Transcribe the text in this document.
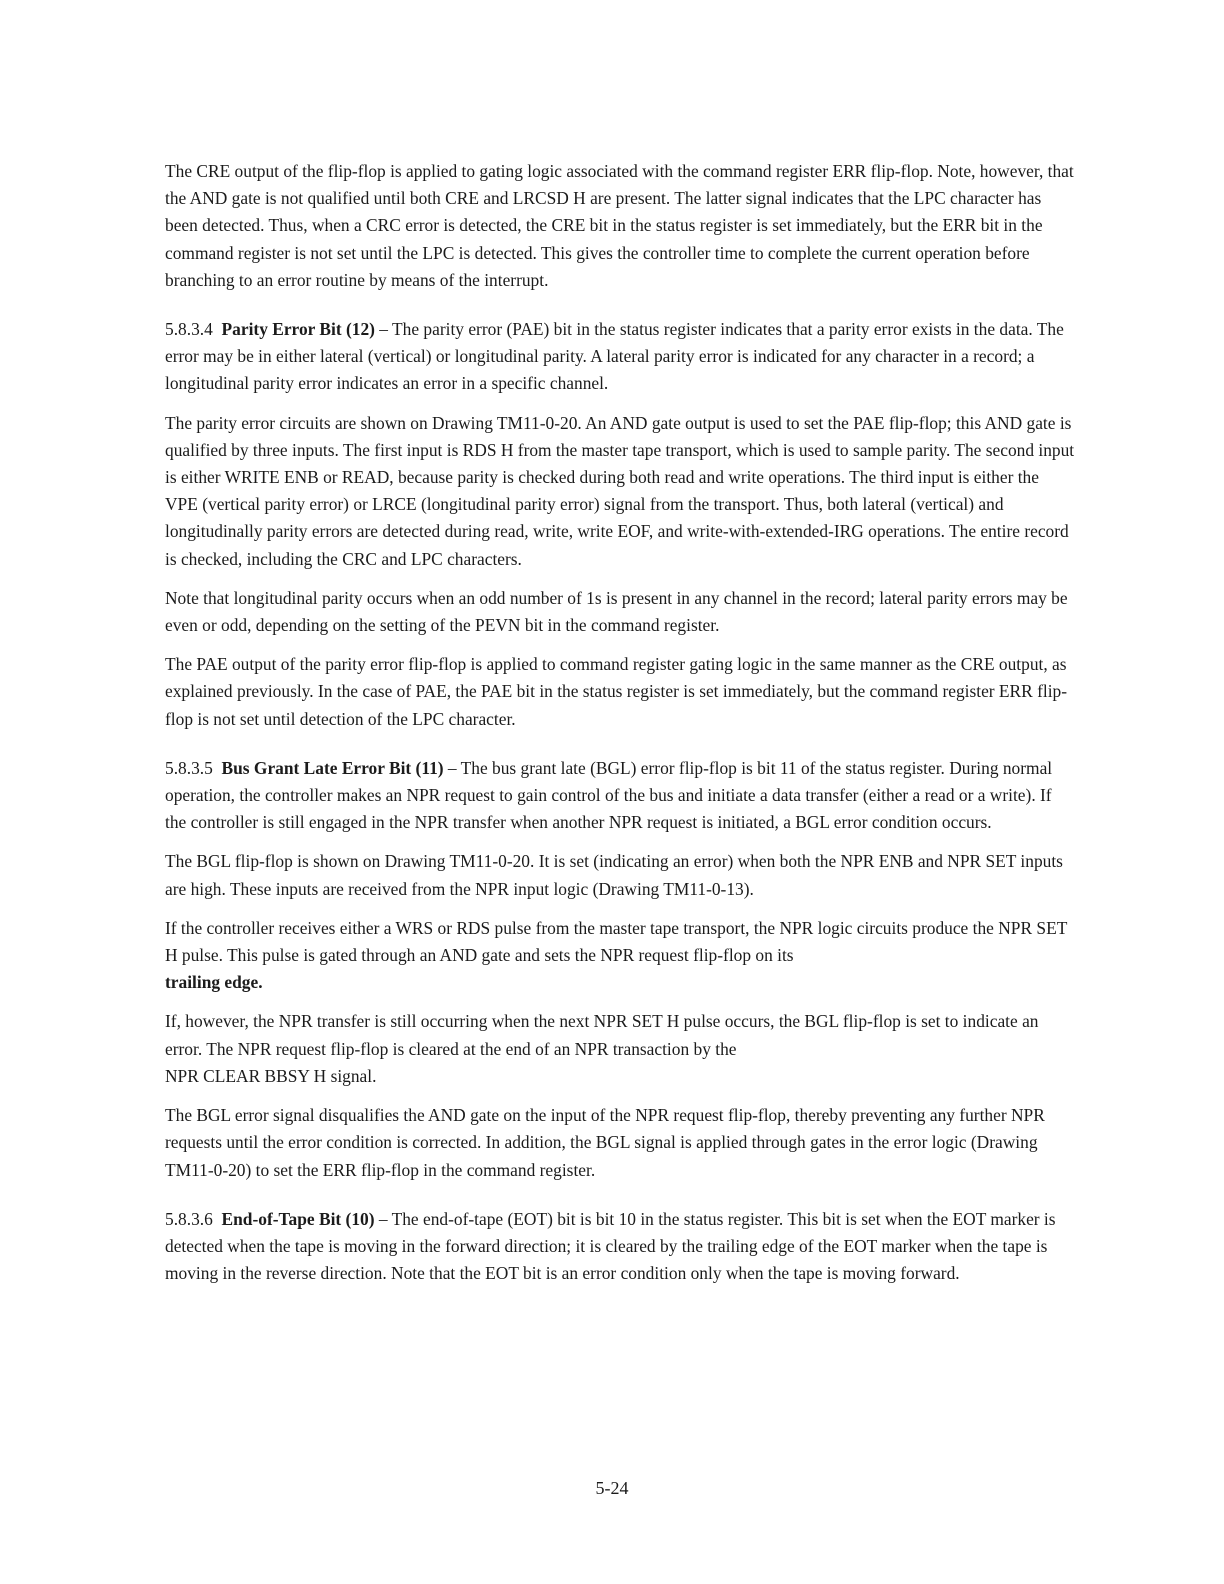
The CRE output of the flip-flop is applied to gating logic associated with the command register ERR flip-flop. Note, however, that the AND gate is not qualified until both CRE and LRCSD H are present. The latter signal indicates that the LPC character has been detected. Thus, when a CRC error is detected, the CRE bit in the status register is set immediately, but the ERR bit in the command register is not set until the LPC is detected. This gives the controller time to complete the current operation before branching to an error routine by means of the interrupt.

5.8.3.4 Parity Error Bit (12) – The parity error (PAE) bit in the status register indicates that a parity error exists in the data. The error may be in either lateral (vertical) or longitudinal parity. A lateral parity error is indicated for any character in a record; a longitudinal parity error indicates an error in a specific channel.

The parity error circuits are shown on Drawing TM11-0-20. An AND gate output is used to set the PAE flip-flop; this AND gate is qualified by three inputs. The first input is RDS H from the master tape transport, which is used to sample parity. The second input is either WRITE ENB or READ, because parity is checked during both read and write operations. The third input is either the VPE (vertical parity error) or LRCE (longitudinal parity error) signal from the transport. Thus, both lateral (vertical) and longitudinally parity errors are detected during read, write, write EOF, and write-with-extended-IRG operations. The entire record is checked, including the CRC and LPC characters.

Note that longitudinal parity occurs when an odd number of 1s is present in any channel in the record; lateral parity errors may be even or odd, depending on the setting of the PEVN bit in the command register.

The PAE output of the parity error flip-flop is applied to command register gating logic in the same manner as the CRE output, as explained previously. In the case of PAE, the PAE bit in the status register is set immediately, but the command register ERR flip-flop is not set until detection of the LPC character.

5.8.3.5 Bus Grant Late Error Bit (11) – The bus grant late (BGL) error flip-flop is bit 11 of the status register. During normal operation, the controller makes an NPR request to gain control of the bus and initiate a data transfer (either a read or a write). If the controller is still engaged in the NPR transfer when another NPR request is initiated, a BGL error condition occurs.

The BGL flip-flop is shown on Drawing TM11-0-20. It is set (indicating an error) when both the NPR ENB and NPR SET inputs are high. These inputs are received from the NPR input logic (Drawing TM11-0-13).

If the controller receives either a WRS or RDS pulse from the master tape transport, the NPR logic circuits produce the NPR SET H pulse. This pulse is gated through an AND gate and sets the NPR request flip-flop on its
trailing edge.

If, however, the NPR transfer is still occurring when the next NPR SET H pulse occurs, the BGL flip-flop is set to indicate an error. The NPR request flip-flop is cleared at the end of an NPR transaction by the
NPR CLEAR BBSY H signal.

The BGL error signal disqualifies the AND gate on the input of the NPR request flip-flop, thereby preventing any further NPR requests until the error condition is corrected. In addition, the BGL signal is applied through gates in the error logic (Drawing TM11-0-20) to set the ERR flip-flop in the command register.

5.8.3.6 End-of-Tape Bit (10) – The end-of-tape (EOT) bit is bit 10 in the status register. This bit is set when the EOT marker is detected when the tape is moving in the forward direction; it is cleared by the trailing edge of the EOT marker when the tape is moving in the reverse direction. Note that the EOT bit is an error condition only when the tape is moving forward.

5-24
